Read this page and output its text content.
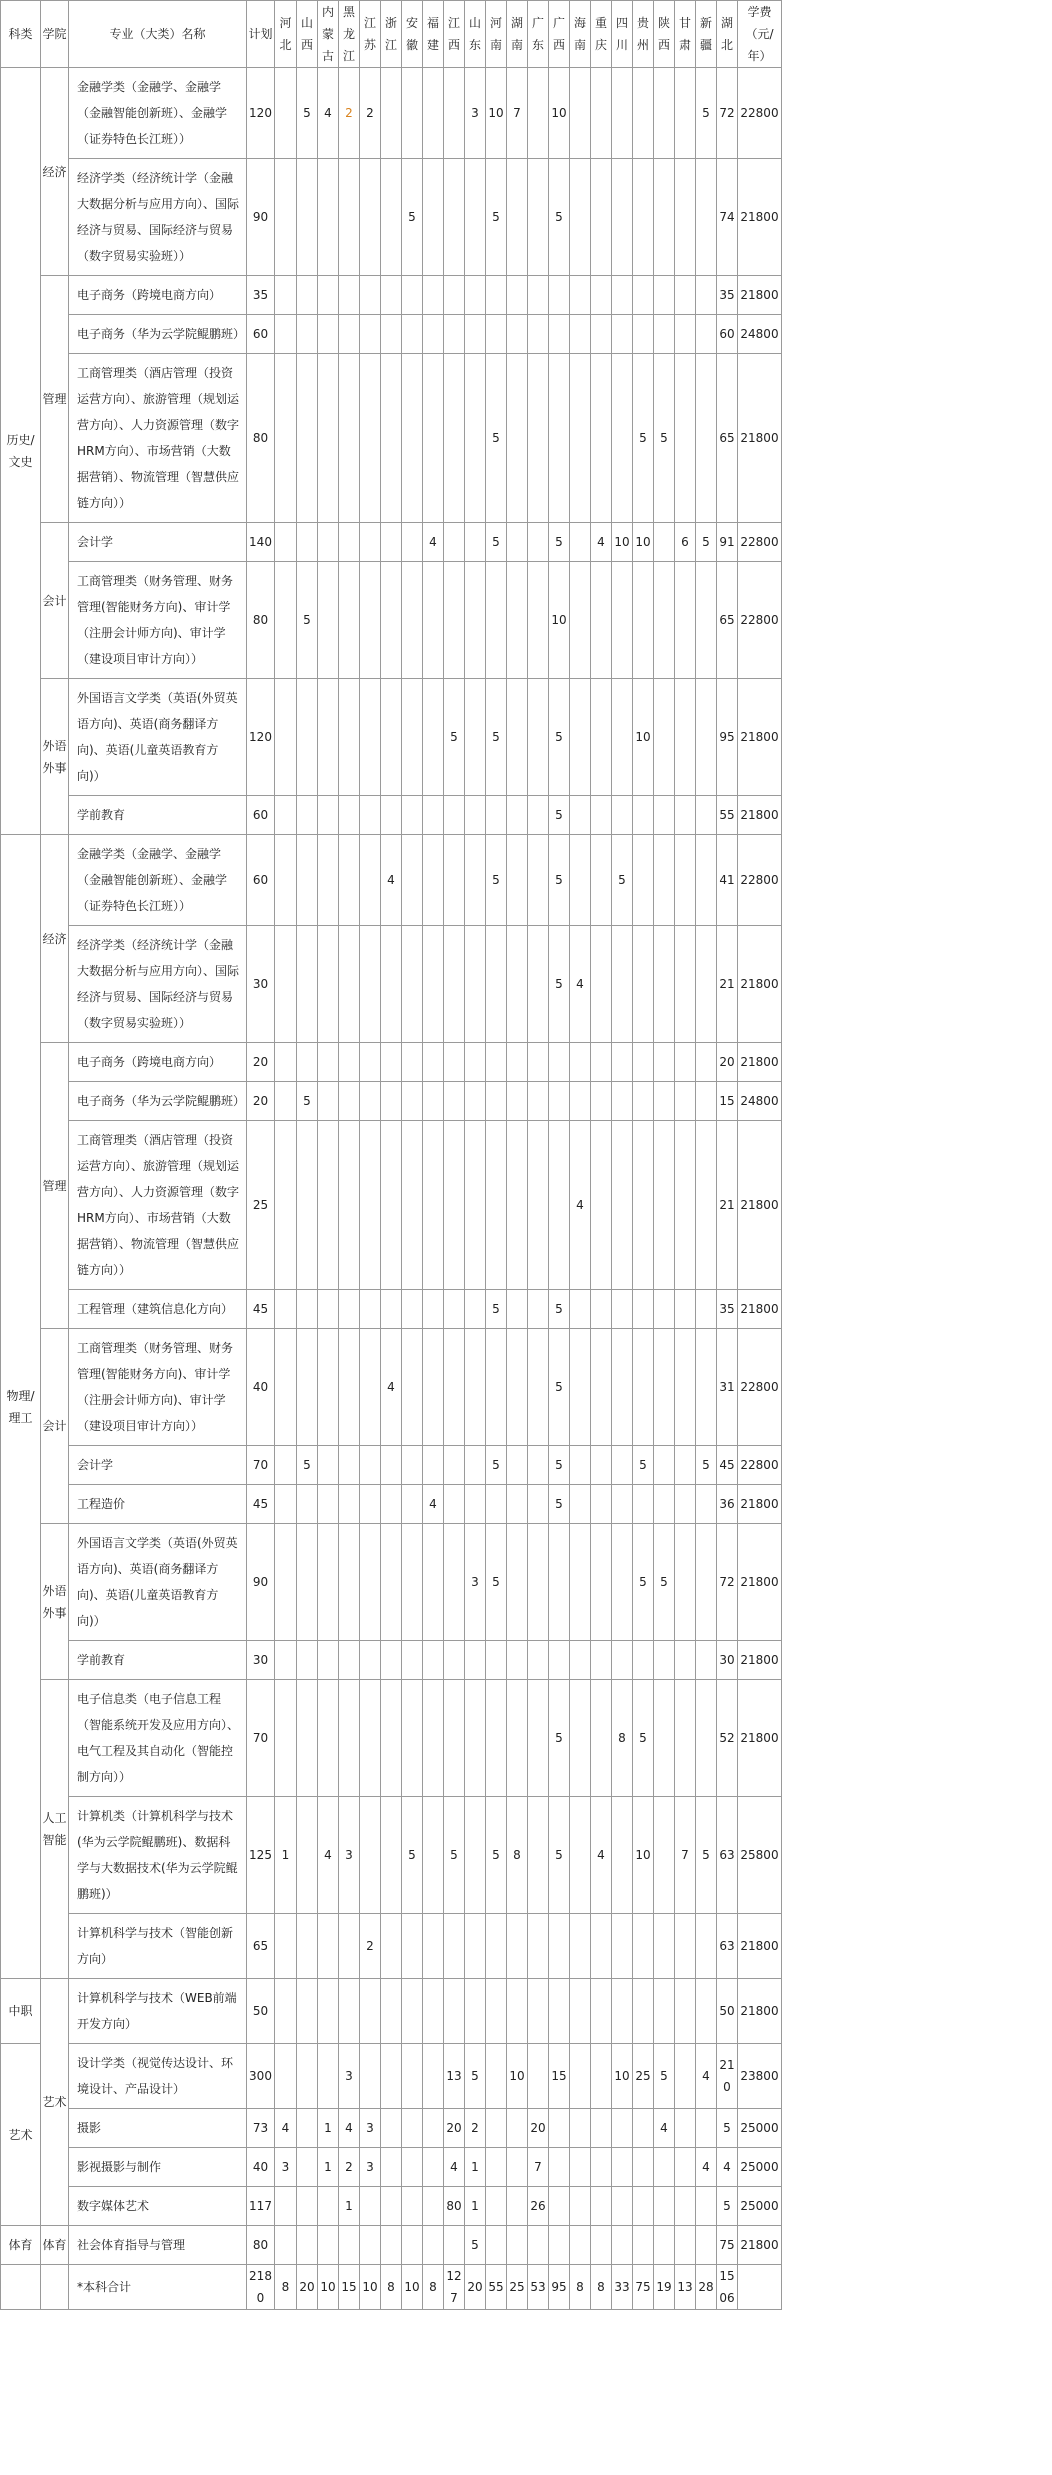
科类	学院	专业（大类）名称	计划	河北	山西	内蒙古	黑龙江	江苏	浙江	安徽	福建	江西	山东	河南	湖南	广东	广西	海南	重庆	四川	贵州	陕西	甘肃	新疆	湖北	学费（元/年）
历史/文史	经济	金融学类（金融学、金融学（金融智能创新班）、金融学（证券特色长江班））	120		5	4	2	2					3	10	7		10							5	72	22800
		经济学类（经济统计学（金融大数据分析与应用方向）、国际经济与贸易、国际经济与贸易（数字贸易实验班））	90							5				5			5								74	21800
	管理	电子商务（跨境电商方向）	35																						35	21800
		电子商务（华为云学院鲲鹏班）	60																						60	24800
		工商管理类（酒店管理（投资运营方向）、旅游管理（规划运营方向）、人力资源管理（数字HRM方向）、市场营销（大数据营销）、物流管理（智慧供应链方向））	80											5							5	5			65	21800
	会计	会计学	140								4			5			5		4	10	10		6	5	91	22800
		工商管理类（财务管理、财务管理(智能财务方向)、审计学（注册会计师方向)、审计学（建设项目审计方向））	80		5												10								65	22800
	外语外事	外国语言文学类（英语(外贸英语方向)、英语(商务翻译方向)、英语(儿童英语教育方向)）	120									5		5			5				10				95	21800
		学前教育	60														5								55	21800
物理/理工	经济	金融学类（金融学、金融学（金融智能创新班）、金融学（证券特色长江班））	60						4					5			5			5					41	22800
		经济学类（经济统计学（金融大数据分析与应用方向）、国际经济与贸易、国际经济与贸易（数字贸易实验班））	30														5	4							21	21800
	管理	电子商务（跨境电商方向）	20																						20	21800
		电子商务（华为云学院鲲鹏班）	20		5																				15	24800
		工商管理类（酒店管理（投资运营方向）、旅游管理（规划运营方向）、人力资源管理（数字HRM方向）、市场营销（大数据营销）、物流管理（智慧供应链方向））	25															4							21	21800
		工程管理（建筑信息化方向）	45											5			5								35	21800
	会计	工商管理类（财务管理、财务管理(智能财务方向)、审计学（注册会计师方向)、审计学（建设项目审计方向））	40						4								5								31	22800
		会计学	70		5									5			5				5			5	45	22800
		工程造价	45								4						5								36	21800
	外语外事	外国语言文学类（英语(外贸英语方向)、英语(商务翻译方向)、英语(儿童英语教育方向)）	90										3	5							5	5			72	21800
		学前教育	30																						30	21800
	人工智能	电子信息类（电子信息工程（智能系统开发及应用方向）、电气工程及其自动化（智能控制方向））	70														5			8	5				52	21800
		计算机类（计算机科学与技术(华为云学院鲲鹏班)、数据科学与大数据技术(华为云学院鲲鹏班)）	125	1		4	3			5		5		5	8		5		4		10		7	5	63	25800
		计算机科学与技术（智能创新方向）	65					2																	63	21800
中职	艺术	计算机科学与技术（WEB前端开发方向）	50																						50	21800
艺术		设计学类（视觉传达设计、环境设计、产品设计）	300				3					13	5		10		15			10	25	5		4	210	23800
		摄影	73	4		1	4	3				20	2			20						4			5	25000
		影视摄影与制作	40	3		1	2	3				4	1			7								4	4	25000
		数字媒体艺术	117				1					80	1			26									5	25000
体育	体育	社会体育指导与管理	80										5												75	21800
		*本科合计	2180	8	20	10	15	10	8	10	8	127	20	55	25	53	95	8	8	33	75	19	13	28	1506	
